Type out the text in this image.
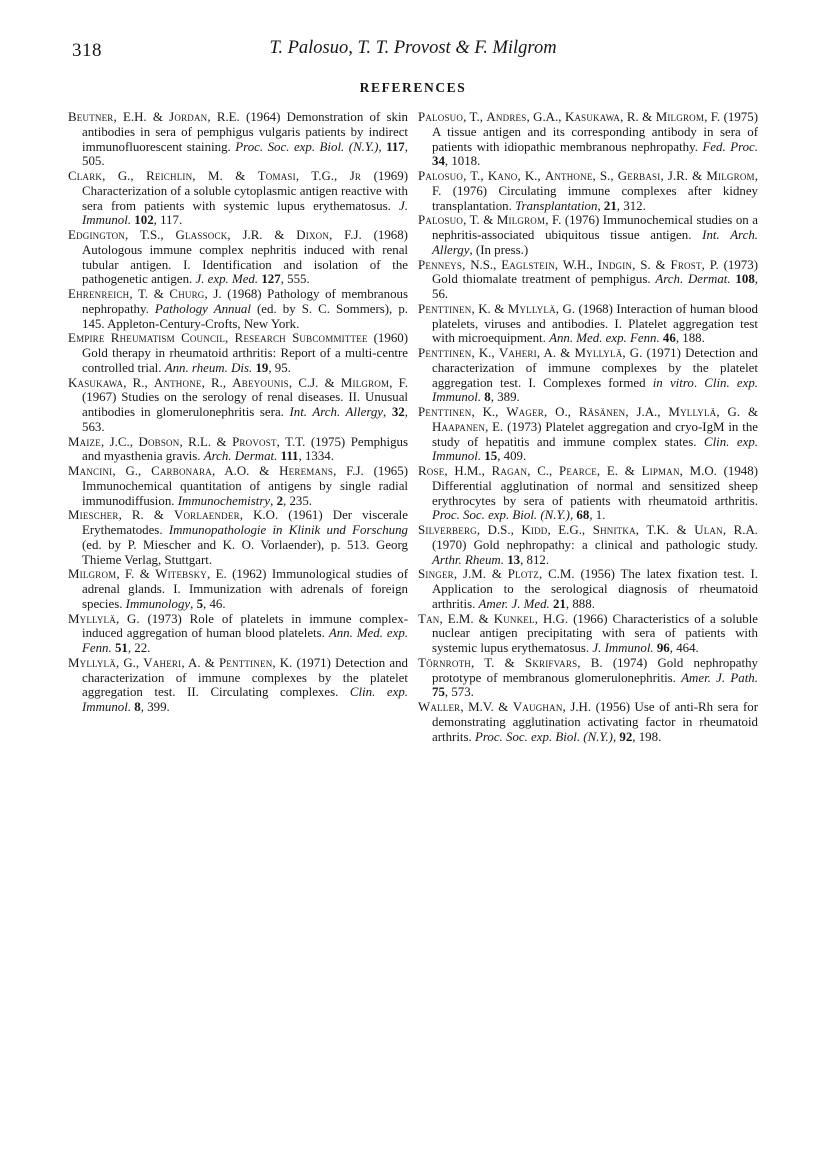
318	T. Palosuo, T. T. Provost & F. Milgrom
REFERENCES

Beutner, E.H. & Jordan, R.E. (1964) Demonstration of skin antibodies in sera of pemphigus vulgaris patients by indirect immunofluorescent staining. Proc. Soc. exp. Biol. (N.Y.), 117, 505.

Clark, G., Reichlin, M. & Tomasi, T.G., Jr (1969) Characterization of a soluble cytoplasmic antigen reactive with sera from patients with systemic lupus erythematosus. J. Immunol. 102, 117.

Edgington, T.S., Glassock, J.R. & Dixon, F.J. (1968) Autologous immune complex nephritis induced with renal tubular antigen. I. Identification and isolation of the pathogenetic antigen. J. exp. Med. 127, 555.

Ehrenreich, T. & Churg, J. (1968) Pathology of membranous nephropathy. Pathology Annual (ed. by S. C. Sommers), p. 145. Appleton-Century-Crofts, New York.

Empire Rheumatism Council, Research Subcommittee (1960) Gold therapy in rheumatoid arthritis: Report of a multi-centre controlled trial. Ann. rheum. Dis. 19, 95.

Kasukawa, R., Anthone, R., Abeyounis, C.J. & Milgrom, F. (1967) Studies on the serology of renal diseases. II. Unusual antibodies in glomerulonephritis sera. Int. Arch. Allergy, 32, 563.

Maize, J.C., Dobson, R.L. & Provost, T.T. (1975) Pemphigus and myasthenia gravis. Arch. Dermat. 111, 1334.

Mancini, G., Carbonara, A.O. & Heremans, F.J. (1965) Immunochemical quantitation of antigens by single radial immunodiffusion. Immunochemistry, 2, 235.

Miescher, R. & Vorlaender, K.O. (1961) Der viscerale Erythematodes. Immunopathologie in Klinik und Forschung (ed. by P. Miescher and K. O. Vorlaender), p. 513. Georg Thieme Verlag, Stuttgart.

Milgrom, F. & Witebsky, E. (1962) Immunological studies of adrenal glands. I. Immunization with adrenals of foreign species. Immunology, 5, 46.

Myllylä, G. (1973) Role of platelets in immune complex-induced aggregation of human blood platelets. Ann. Med. exp. Fenn. 51, 22.

Myllylä, G., Vaheri, A. & Penttinen, K. (1971) Detection and characterization of immune complexes by the platelet aggregation test. II. Circulating complexes. Clin. exp. Immunol. 8, 399.

Palosuo, T., Andres, G.A., Kasukawa, R. & Milgrom, F. (1975) A tissue antigen and its corresponding antibody in sera of patients with idiopathic membranous nephropathy. Fed. Proc. 34, 1018.

Palosuo, T., Kano, K., Anthone, S., Gerbasi, J.R. & Milgrom, F. (1976) Circulating immune complexes after kidney transplantation. Transplantation, 21, 312.

Palosuo, T. & Milgrom, F. (1976) Immunochemical studies on a nephritis-associated ubiquitous tissue antigen. Int. Arch. Allergy, (In press.)

Penneys, N.S., Eaglstein, W.H., Indgin, S. & Frost, P. (1973) Gold thiomalate treatment of pemphigus. Arch. Dermat. 108, 56.

Penttinen, K. & Myllylä, G. (1968) Interaction of human blood platelets, viruses and antibodies. I. Platelet aggregation test with microequipment. Ann. Med. exp. Fenn. 46, 188.

Penttinen, K., Vaheri, A. & Myllylä, G. (1971) Detection and characterization of immune complexes by the platelet aggregation test. I. Complexes formed in vitro. Clin. exp. Immunol. 8, 389.

Penttinen, K., Wager, O., Räsänen, J.A., Myllylä, G. & Haapanen, E. (1973) Platelet aggregation and cryo-IgM in the study of hepatitis and immune complex states. Clin. exp. Immunol. 15, 409.

Rose, H.M., Ragan, C., Pearce, E. & Lipman, M.O. (1948) Differential agglutination of normal and sensitized sheep erythrocytes by sera of patients with rheumatoid arthritis. Proc. Soc. exp. Biol. (N.Y.), 68, 1.

Silverberg, D.S., Kidd, E.G., Shnitka, T.K. & Ulan, R.A. (1970) Gold nephropathy: a clinical and pathologic study. Arthr. Rheum. 13, 812.

Singer, J.M. & Plotz, C.M. (1956) The latex fixation test. I. Application to the serological diagnosis of rheumatoid arthritis. Amer. J. Med. 21, 888.

Tan, E.M. & Kunkel, H.G. (1966) Characteristics of a soluble nuclear antigen precipitating with sera of patients with systemic lupus erythematosus. J. Immunol. 96, 464.

Törnroth, T. & Skrifvars, B. (1974) Gold nephropathy prototype of membranous glomerulonephritis. Amer. J. Path. 75, 573.

Waller, M.V. & Vaughan, J.H. (1956) Use of anti-Rh sera for demonstrating agglutination activating factor in rheumatoid arthrits. Proc. Soc. exp. Biol. (N.Y.), 92, 198.
